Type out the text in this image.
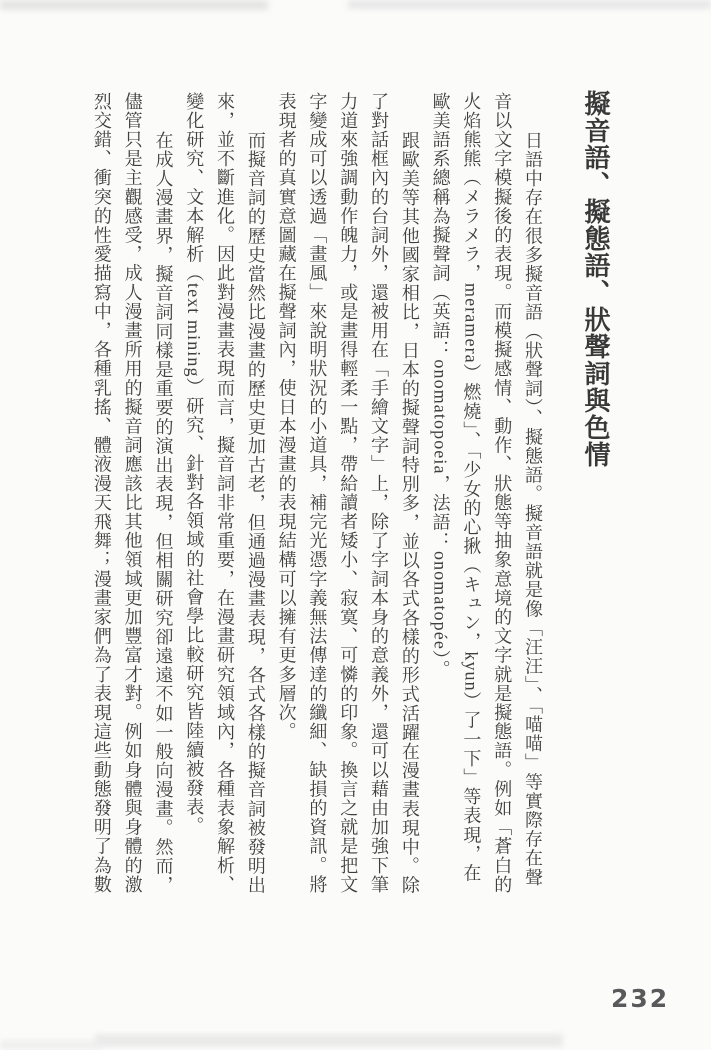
擬音語、擬態語、狀聲詞與色情

日語中存在很多擬音語（狀聲詞）、擬態語。擬音語就是像「汪汪」、「喵喵」等實際存在聲音以文字模擬後的表現。而模擬感情、動作、狀態等抽象意境的文字就是擬態語。例如「蒼白的火焰熊熊（メラメラ，meramera）燃燒」、「少女的心揪（キュン，kyun）了一下」等表現，在歐美語系總稱為擬聲詞（英語：onomatopoeia，法語：onomatopée）。

跟歐美等其他國家相比，日本的擬聲詞特別多，並以各式各樣的形式活躍在漫畫表現中。除了對話框內的台詞外，還被用在「手繪文字」上，除了字詞本身的意義外，還可以藉由加強下筆力道來強調動作魄力，或是畫得輕柔一點，帶給讀者矮小、寂寞、可憐的印象。換言之就是把文字變成可以透過「畫風」來說明狀況的小道具，補完光憑字義無法傳達的纖細、缺損的資訊。將表現者的真實意圖藏在擬聲詞內，使日本漫畫的表現結構可以擁有更多層次。

而擬音詞的歷史當然比漫畫的歷史更加古老，但通過漫畫表現，各式各樣的擬音詞被發明出來，並不斷進化。因此對漫畫表現而言，擬音詞非常重要，在漫畫研究領域內，各種表象解析、變化研究、文本解析（text mining）研究、針對各領域的社會學比較研究皆陸續被發表。

在成人漫畫界，擬音詞同樣是重要的演出表現，但相關研究卻遠遠不如一般向漫畫。然而，儘管只是主觀感受，成人漫畫所用的擬音詞應該比其他領域更加豐富才對。例如身體與身體的激烈交錯、衝突的性愛描寫中，各種乳搖、體液漫天飛舞；漫畫家們為了表現這些動態發明了為數

232
